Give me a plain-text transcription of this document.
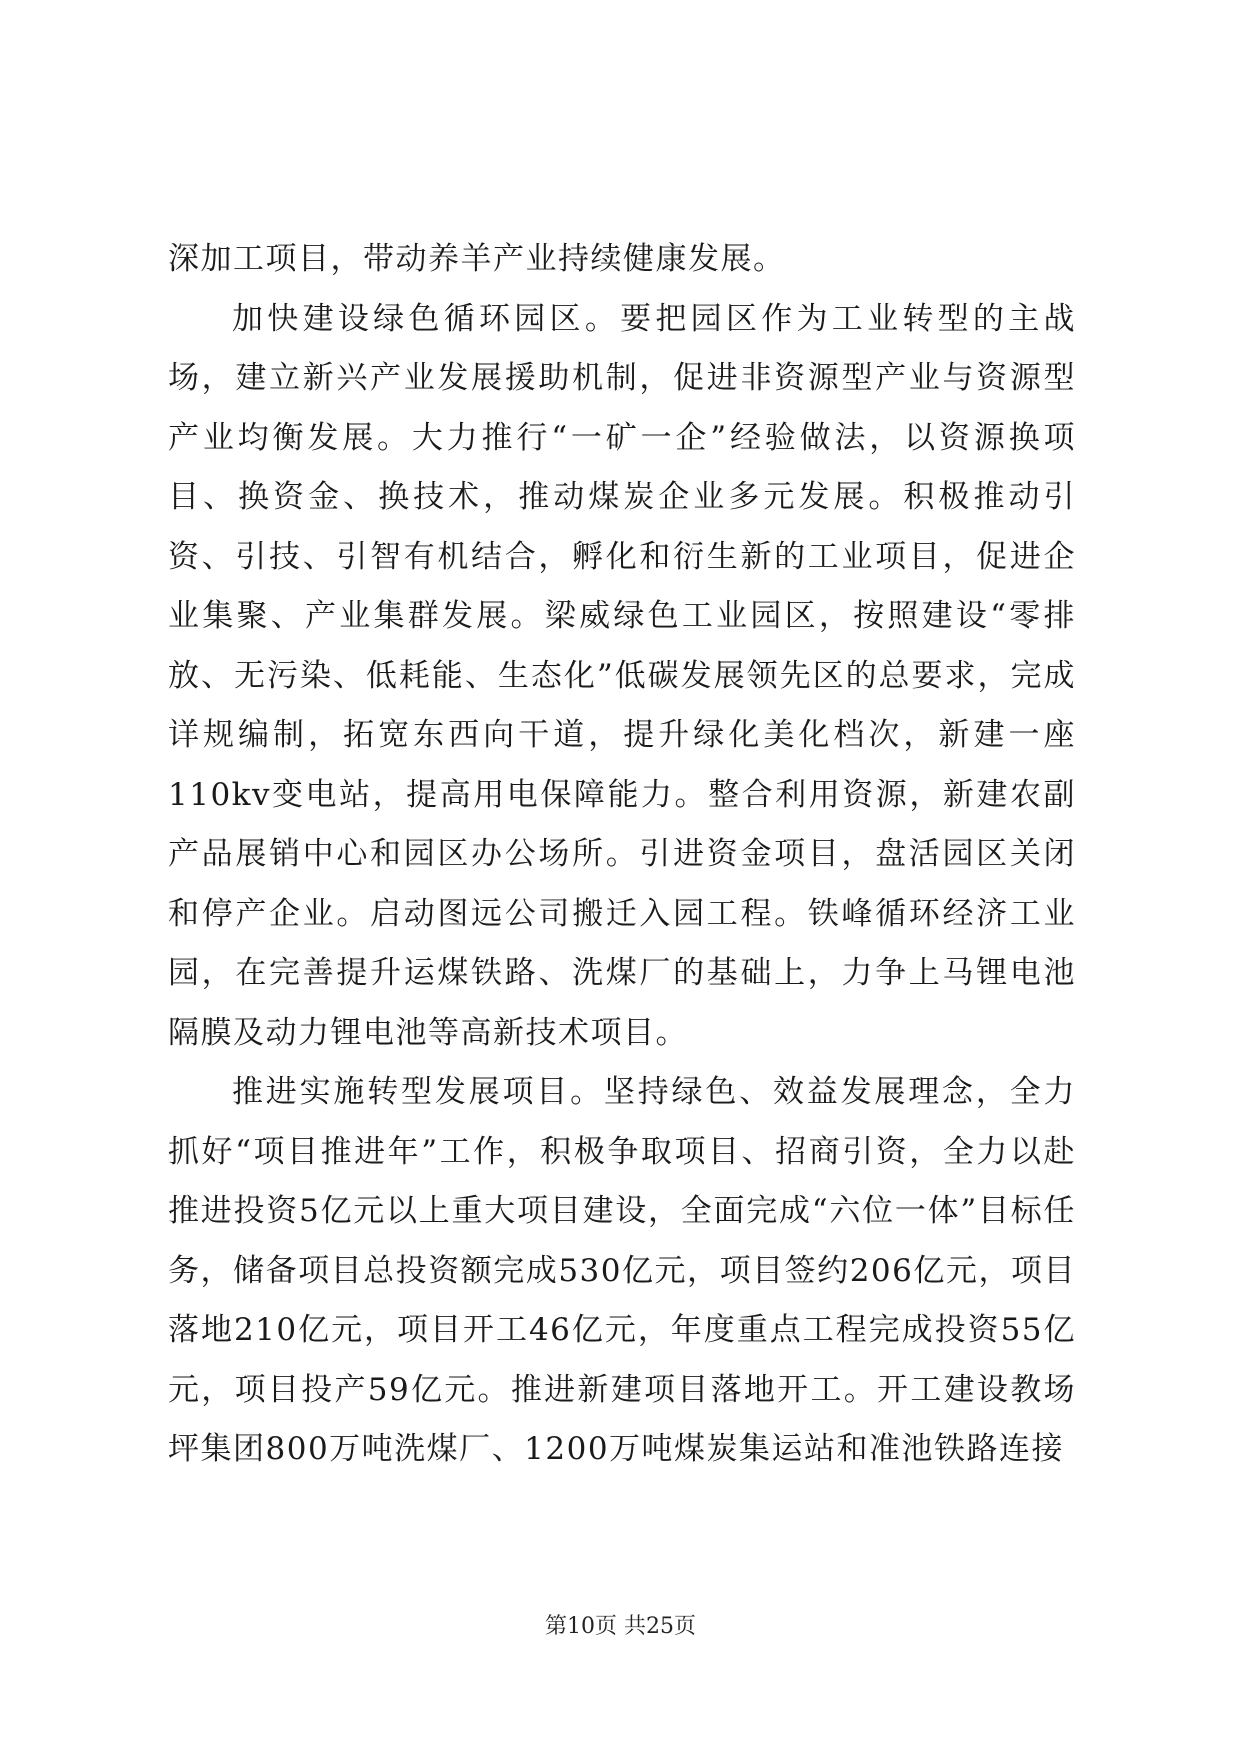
深加工项目，带动养羊产业持续健康发展。

加快建设绿色循环园区。要把园区作为工业转型的主战场，建立新兴产业发展援助机制，促进非资源型产业与资源型产业均衡发展。大力推行“一矿一企”经验做法，以资源换项目、换资金、换技术，推动煤炭企业多元发展。积极推动引资、引技、引智有机结合，孵化和衍生新的工业项目，促进企业集聚、产业集群发展。梁威绿色工业园区，按照建设“零排放、无污染、低耗能、生态化”低碳发展领先区的总要求，完成详规编制，拓宽东西向干道，提升绿化美化档次，新建一座110kv变电站，提高用电保障能力。整合利用资源，新建农副产品展销中心和园区办公场所。引进资金项目，盘活园区关闭和停产企业。启动图远公司搬迁入园工程。铁峰循环经济工业园，在完善提升运煤铁路、洗煤厂的基础上，力争上马锂电池隔膜及动力锂电池等高新技术项目。

推进实施转型发展项目。坚持绿色、效益发展理念，全力抓好“项目推进年”工作，积极争取项目、招商引资，全力以赴推进投资5亿元以上重大项目建设，全面完成“六位一体”目标任务，储备项目总投资额完成530亿元，项目签约206亿元，项目落地210亿元，项目开工46亿元，年度重点工程完成投资55亿元，项目投产59亿元。推进新建项目落地开工。开工建设教场坪集团800万吨洗煤厂、1200万吨煤炭集运站和准池铁路连接

第10页 共25页
